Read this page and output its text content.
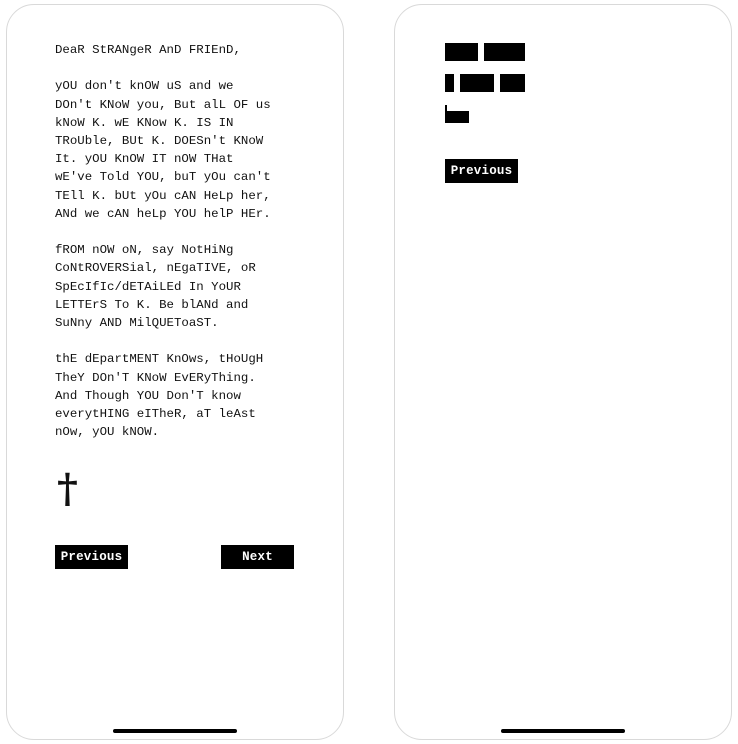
DeaR StRANgeR AnD FRIEnD,

yOU don't knOW uS and we
DOn't KNoW you, But alL OF us
kNoW K. wE KNow K. IS IN
TRoUble, BUt K. DOESn't KNoW
It. yOU KnOW IT nOW THat
wE've Told YOU, buT yOu can't
TEll K. bUt yOu cAN HeLp her,
ANd we cAN heLp YOU helP HEr.

fROM nOW oN, say NotHiNg
CoNtROVERSial, nEgaTIVE, oR
SpEcIfIc/dETAiLEd In YoUR
LETTErS To K. Be blANd and
SuNny AND MilQUEToaST.

thE dEpartMENT KnOws, tHoUgH
TheY DOn'T KNoW EvERyThing.
And Though YOU Don'T know
everytHING eITheR, aT leAst
nOw, yOU kNOW.

†
Previous	Next
Previous
